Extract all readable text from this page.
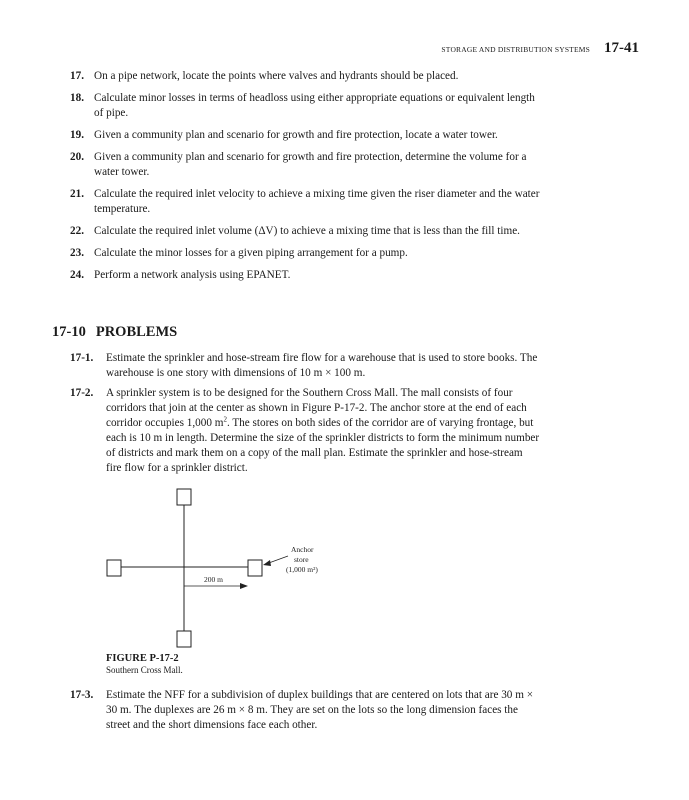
STORAGE AND DISTRIBUTION SYSTEMS 17-41
17. On a pipe network, locate the points where valves and hydrants should be placed.
18. Calculate minor losses in terms of headloss using either appropriate equations or equivalent length of pipe.
19. Given a community plan and scenario for growth and fire protection, locate a water tower.
20. Given a community plan and scenario for growth and fire protection, determine the volume for a water tower.
21. Calculate the required inlet velocity to achieve a mixing time given the riser diameter and the water temperature.
22. Calculate the required inlet volume (ΔV) to achieve a mixing time that is less than the fill time.
23. Calculate the minor losses for a given piping arrangement for a pump.
24. Perform a network analysis using EPANET.
17-10 PROBLEMS
17-1.	Estimate the sprinkler and hose-stream fire flow for a warehouse that is used to store books. The warehouse is one story with dimensions of 10 m × 100 m.
17-2.	A sprinkler system is to be designed for the Southern Cross Mall. The mall consists of four corridors that join at the center as shown in Figure P-17-2. The anchor store at the end of each corridor occupies 1,000 $m^2$. The stores on both sides of the corridor are of varying frontage, but each is 10 m in length. Determine the size of the sprinkler districts to form the minimum number of districts and mark them on a copy of the mall plan. Estimate the sprinkler and hose-stream fire flow for a sprinkler district.
200 m
Anchor
store
(1,000 m²)
FIGURE P-17-2
Southern Cross Mall.
17-3.	Estimate the NFF for a subdivision of duplex buildings that are centered on lots that are 30 m × 30 m. The duplexes are 26 m × 8 m. They are set on the lots so the long dimension faces the street and the short dimensions face each other.
